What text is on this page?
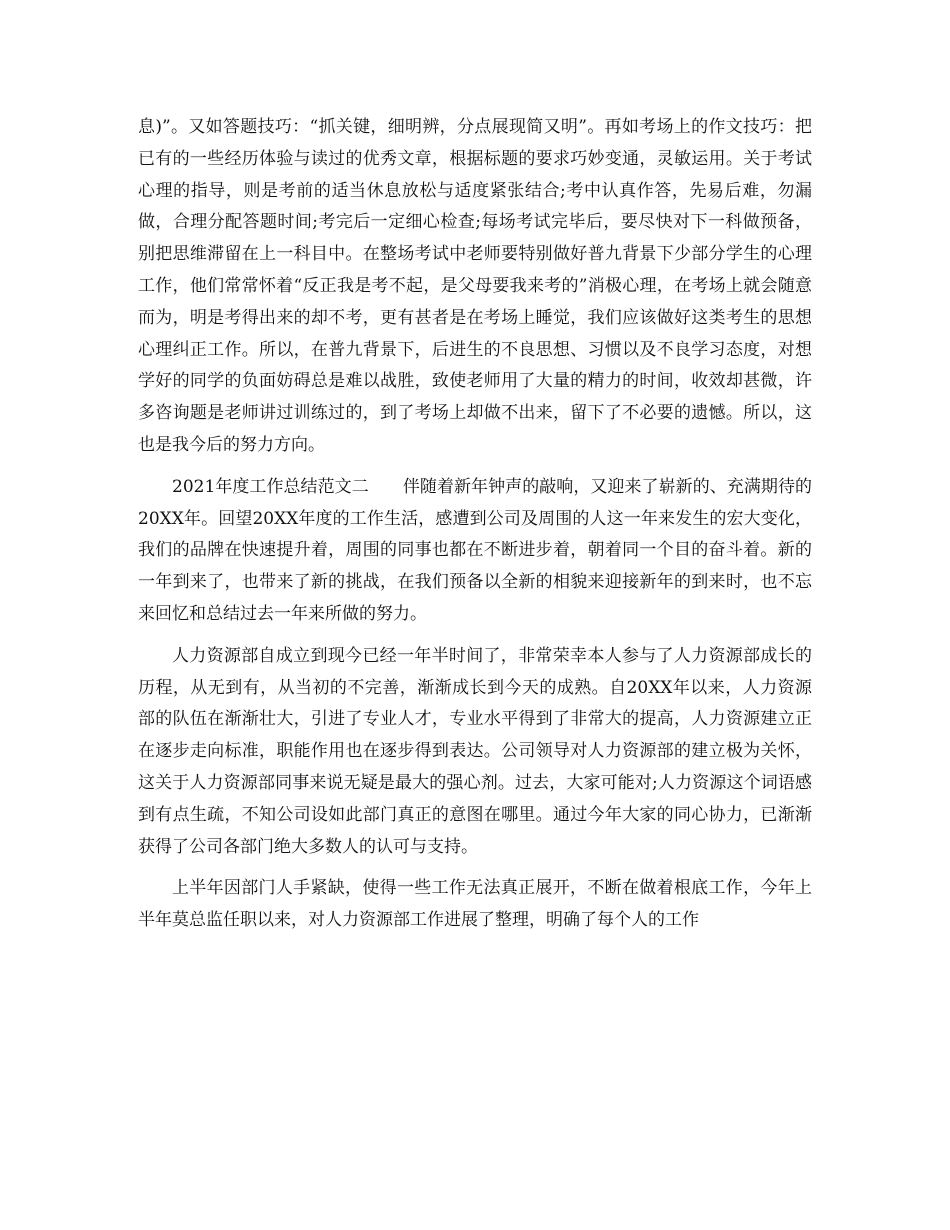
息)”。又如答题技巧：“抓关键，细明辨，分点展现简又明”。再如考场上的作文技巧：把已有的一些经历体验与读过的优秀文章，根据标题的要求巧妙变通，灵敏运用。关于考试心理的指导，则是考前的适当休息放松与适度紧张结合;考中认真作答，先易后难，勿漏做，合理分配答题时间;考完后一定细心检查;每场考试完毕后，要尽快对下一科做预备，别把思维滞留在上一科目中。在整场考试中老师要特别做好普九背景下少部分学生的心理工作，他们常常怀着“反正我是考不起，是父母要我来考的”消极心理，在考场上就会随意而为，明是考得出来的却不考，更有甚者是在考场上睡觉，我们应该做好这类考生的思想心理纠正工作。所以，在普九背景下，后进生的不良思想、习惯以及不良学习态度，对想学好的同学的负面妨碍总是难以战胜，致使老师用了大量的精力的时间，收效却甚微，许多咨询题是老师讲过训练过的，到了考场上却做不出来，留下了不必要的遗憾。所以，这也是我今后的努力方向。

2021年度工作总结范文二　　伴随着新年钟声的敲响，又迎来了崭新的、充满期待的20XX年。回望20XX年度的工作生活，感遭到公司及周围的人这一年来发生的宏大变化，我们的品牌在快速提升着，周围的同事也都在不断进步着，朝着同一个目的奋斗着。新的一年到来了，也带来了新的挑战，在我们预备以全新的相貌来迎接新年的到来时，也不忘来回忆和总结过去一年来所做的努力。

人力资源部自成立到现今已经一年半时间了，非常荣幸本人参与了人力资源部成长的历程，从无到有，从当初的不完善，渐渐成长到今天的成熟。自20XX年以来，人力资源部的队伍在渐渐壮大，引进了专业人才，专业水平得到了非常大的提高，人力资源建立正在逐步走向标准，职能作用也在逐步得到表达。公司领导对人力资源部的建立极为关怀，这关于人力资源部同事来说无疑是最大的强心剂。过去，大家可能对;人力资源这个词语感到有点生疏，不知公司设如此部门真正的意图在哪里。通过今年大家的同心协力，已渐渐获得了公司各部门绝大多数人的认可与支持。

上半年因部门人手紧缺，使得一些工作无法真正展开，不断在做着根底工作，今年上半年莫总监任职以来，对人力资源部工作进展了整理，明确了每个人的工作
